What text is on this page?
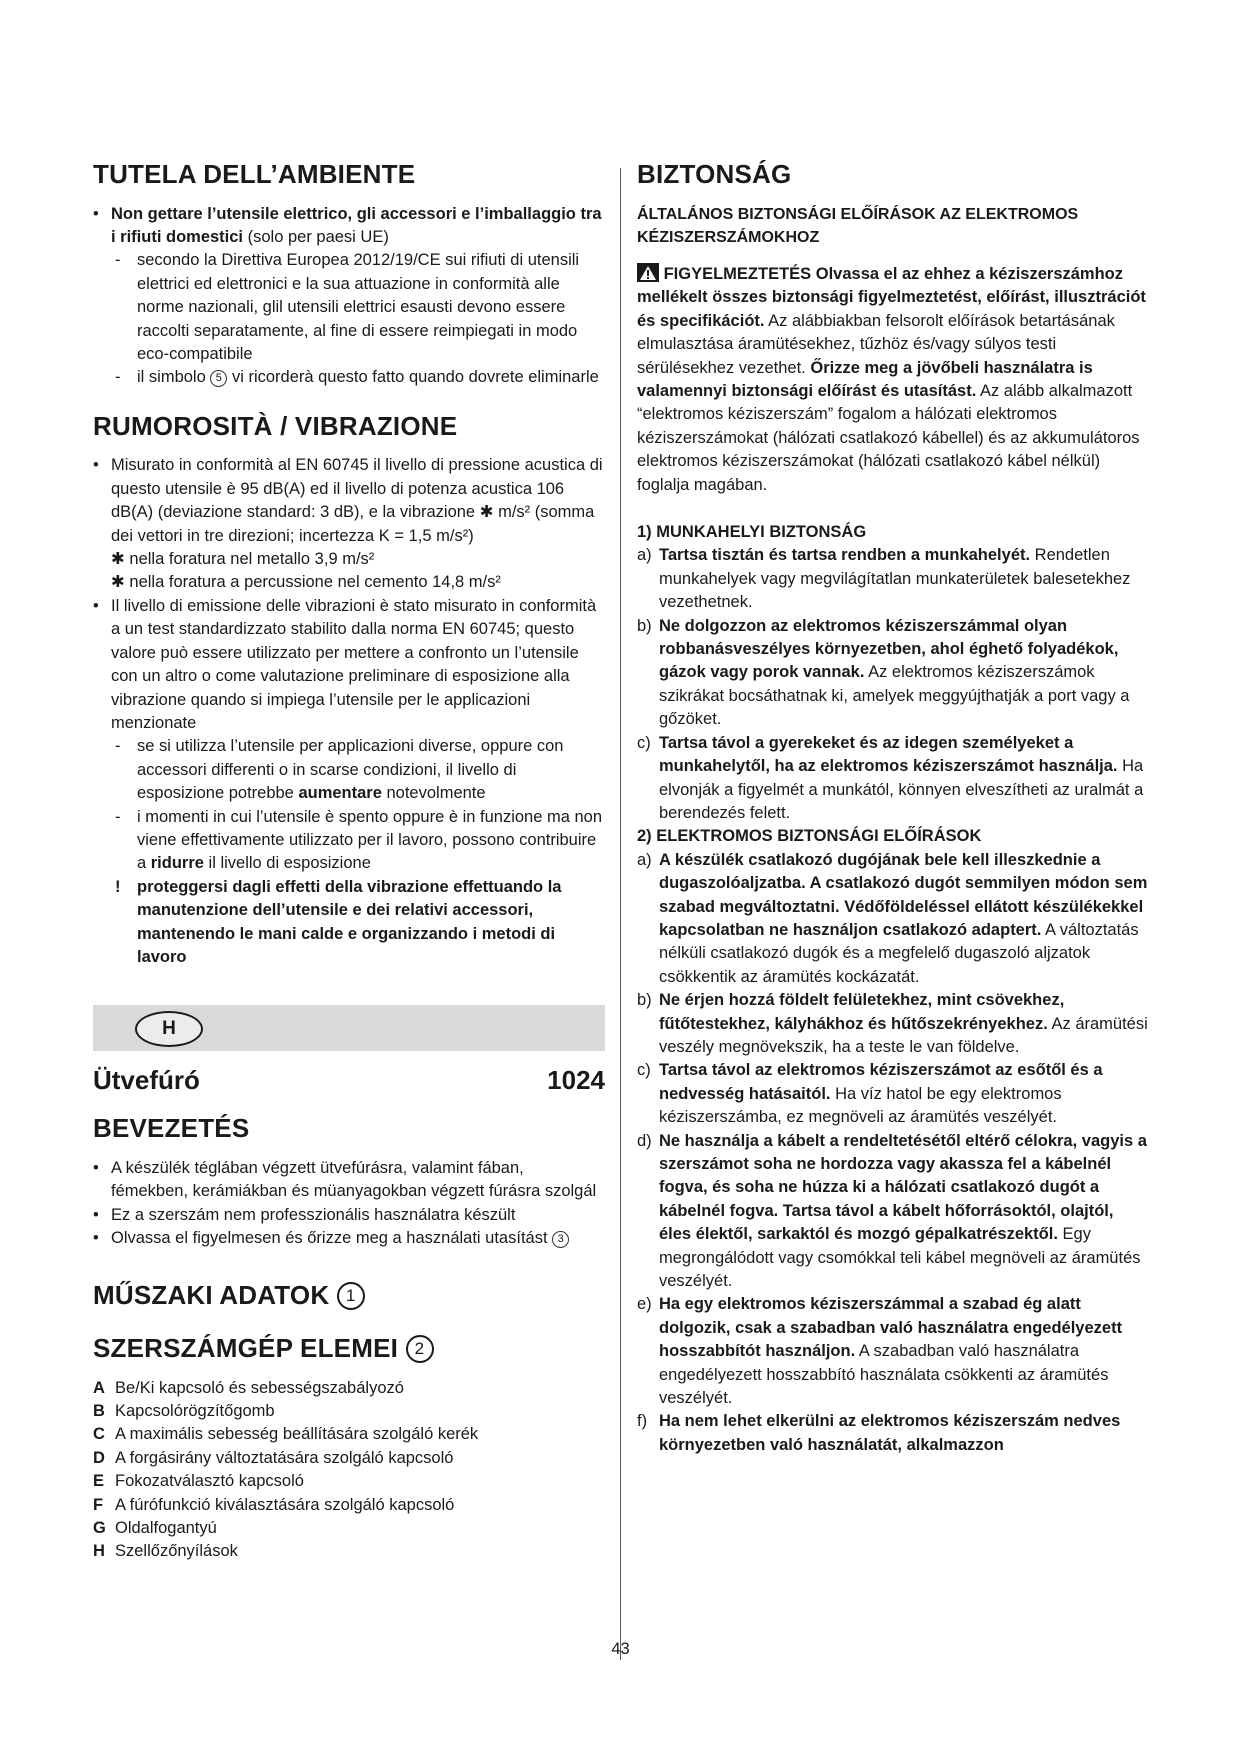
TUTELA DELL’AMBIENTE
• Non gettare l’utensile elettrico, gli accessori e l’imballaggio tra i rifiuti domestici (solo per paesi UE)
- secondo la Direttiva Europea 2012/19/CE sui rifiuti di utensili elettrici ed elettronici e la sua attuazione in conformità alle norme nazionali, glil utensili elettrici esausti devono essere raccolti separatamente, al fine di essere reimpiegati in modo eco-compatibile
- il simbolo 5 vi ricorderà questo fatto quando dovrete eliminarle
RUMOROSITÀ / VIBRAZIONE
• Misurato in conformità al EN 60745 il livello di pressione acustica di questo utensile è 95 dB(A) ed il livello di potenza acustica 106 dB(A) (deviazione standard: 3 dB), e la vibrazione ✱ m/s² (somma dei vettori in tre direzioni; incertezza K = 1,5 m/s²)
✱ nella foratura nel metallo 3,9 m/s²
✱ nella foratura a percussione nel cemento 14,8 m/s²
• Il livello di emissione delle vibrazioni è stato misurato in conformità a un test standardizzato stabilito dalla norma EN 60745; questo valore può essere utilizzato per mettere a confronto un l’utensile con un altro o come valutazione preliminare di esposizione alla vibrazione quando si impiega l’utensile per le applicazioni menzionate
- se si utilizza l’utensile per applicazioni diverse, oppure con accessori differenti o in scarse condizioni, il livello di esposizione potrebbe aumentare notevolmente
- i momenti in cui l’utensile è spento oppure è in funzione ma non viene effettivamente utilizzato per il lavoro, possono contribuire a ridurre il livello di esposizione
! proteggersi dagli effetti della vibrazione effettuando la manutenzione dell’utensile e dei relativi accessori, mantenendo le mani calde e organizzando i metodi di lavoro
H
Ütvefúró	1024
BEVEZETÉS
• A készülék téglában végzett ütvefúrásra, valamint fában, fémekben, kerámiákban és müanyagokban végzett fúrásra szolgál
• Ez a szerszám nem professzionális használatra készült
• Olvassa el figyelmesen és őrizze meg a használati utasítást 3
MŰSZAKI ADATOK 1
SZERSZÁMGÉP ELEMEI 2
A Be/Ki kapcsoló és sebességszabályozó
B Kapcsolórögzítőgomb
C A maximális sebesség beállítására szolgáló kerék
D A forgásirány változtatására szolgáló kapcsoló
E Fokozatválasztó kapcsoló
F A fúrófunkció kiválasztására szolgáló kapcsoló
G Oldalfogantyú
H Szellőzőnyílások
BIZTONSÁG
ÁLTALÁNOS BIZTONSÁGI ELŐÍRÁSOK AZ ELEKTROMOS KÉZISZERSZÁMOKHOZ
FIGYELMEZTETÉS Olvassa el az ehhez a kéziszerszámhoz mellékelt összes biztonsági figyelmeztetést, előírást, illusztrációt és specifikációt. Az alábbiakban felsorolt előírások betartásának elmulasztása áramütésekhez, tűzhöz és/vagy súlyos testi sérülésekhez vezethet. Őrizze meg a jövőbeli használatra is valamennyi biztonsági előírást és utasítást. Az alább alkalmazott “elektromos kéziszerszám” fogalom a hálózati elektromos kéziszerszámokat (hálózati csatlakozó kábellel) és az akkumulátoros elektromos kéziszerszámokat (hálózati csatlakozó kábel nélkül) foglalja magában.
1) MUNKAHELYI BIZTONSÁG
a) Tartsa tisztán és tartsa rendben a munkahelyét. Rendetlen munkahelyek vagy megvilágítatlan munkaterületek balesetekhez vezethetnek.
b) Ne dolgozzon az elektromos kéziszerszámmal olyan robbanásveszélyes környezetben, ahol éghető folyadékok, gázok vagy porok vannak. Az elektromos kéziszerszámok szikrákat bocsáthatnak ki, amelyek meggyújthatják a port vagy a gőzöket.
c) Tartsa távol a gyerekeket és az idegen személyeket a munkahelytől, ha az elektromos kéziszerszámot használja. Ha elvonják a figyelmét a munkától, könnyen elveszítheti az uralmát a berendezés felett.
2) ELEKTROMOS BIZTONSÁGI ELŐÍRÁSOK
a) A készülék csatlakozó dugójának bele kell illeszkednie a dugaszolóaljzatba. A csatlakozó dugót semmilyen módon sem szabad megváltoztatni. Védőföldeléssel ellátott készülékekkel kapcsolatban ne használjon csatlakozó adaptert. A változtatás nélküli csatlakozó dugók és a megfelelő dugaszoló aljzatok csökkentik az áramütés kockázatát.
b) Ne érjen hozzá földelt felületekhez, mint csövekhez, fűtőtestekhez, kályhákhoz és hűtőszekrényekhez. Az áramütési veszély megnövekszik, ha a teste le van földelve.
c) Tartsa távol az elektromos kéziszerszámot az esőtől és a nedvesség hatásaitól. Ha víz hatol be egy elektromos kéziszerszámba, ez megnöveli az áramütés veszélyét.
d) Ne használja a kábelt a rendeltetésétől eltérő célokra, vagyis a szerszámot soha ne hordozza vagy akassza fel a kábelnél fogva, és soha ne húzza ki a hálózati csatlakozó dugót a kábelnél fogva. Tartsa távol a kábelt hőforrásoktól, olajtól, éles élektől, sarkaktól és mozgó gépalkatrészektől. Egy megrongálódott vagy csomókkal teli kábel megnöveli az áramütés veszélyét.
e) Ha egy elektromos kéziszerszámmal a szabad ég alatt dolgozik, csak a szabadban való használatra engedélyezett hosszabbítót használjon. A szabadban való használatra engedélyezett hosszabbító használata csökkenti az áramütés veszélyét.
f) Ha nem lehet elkerülni az elektromos kéziszerszám nedves környezetben való használatát, alkalmazzon
43
